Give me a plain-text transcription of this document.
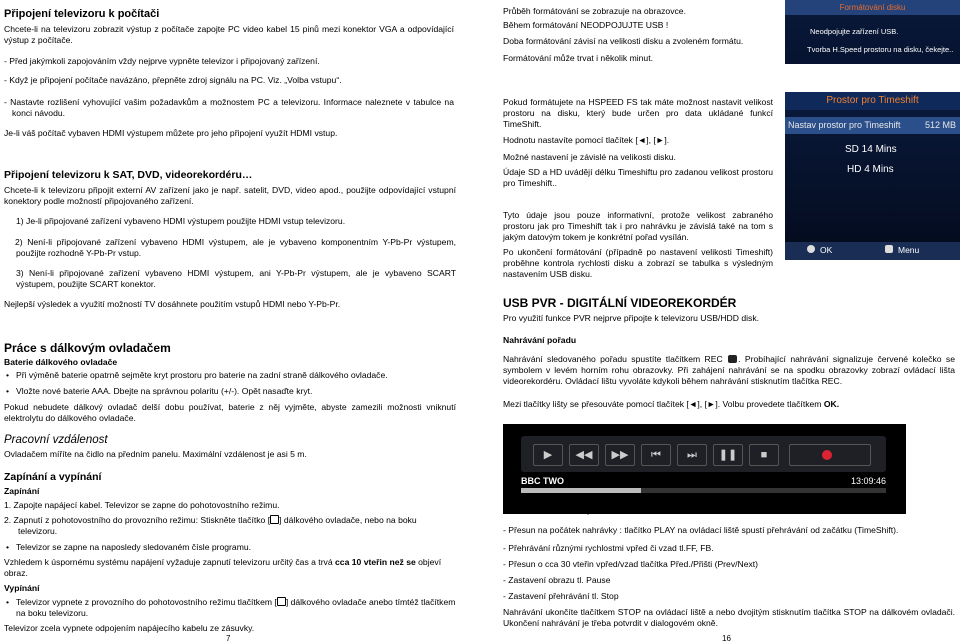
Připojení televizoru k počítači

Chcete-li na televizoru zobrazit výstup z počítače zapojte PC video kabel 15 pinů mezi konektor VGA a odpovídající výstup z počítače.

- Před jakýmkoli zapojováním vždy nejprve vypněte televizor i připojovaný zařízení.

- Když je připojení počítače navázáno, přepněte zdroj signálu na PC. Viz. „Volba vstupu“.

- Nastavte rozlišení vyhovující vašim požadavkům a možnostem PC a televizoru. Informace naleznete v tabulce na konci návodu.

Je-li váš počítač vybaven HDMI výstupem můžete pro jeho připojení využít HDMI vstup.

Připojení televizoru k SAT, DVD, videorekordéru…

Chcete-li k televizoru připojit externí AV zařízení jako je např. satelit, DVD, video apod., použijte odpovídající vstupní konektory podle možností připojovaného zařízení.

1) Je-li připojované zařízení vybaveno HDMI výstupem použijte HDMI vstup televizoru.

2) Není-li připojované zařízení vybaveno HDMI výstupem, ale je vybaveno komponentním Y-Pb-Pr výstupem, použijte rozhodně Y-Pb-Pr vstup.

3) Není-li připojované zařízení vybaveno HDMI výstupem, ani Y-Pb-Pr výstupem, ale je vybaveno SCART výstupem, použijte SCART konektor.

Nejlepší výsledek a využití možností TV dosáhnete použitím vstupů HDMI nebo Y-Pb-Pr.

Práce s dálkovým ovladačem

Baterie dálkového ovladače

• Při výměně baterie opatrně sejměte kryt prostoru pro baterie na zadní straně dálkového ovladače.
• Vložte nové baterie AAA. Dbejte na správnou polaritu (+/-). Opět nasaďte kryt.

Pokud nebudete dálkový ovladač delší dobu používat, baterie z něj vyjměte, abyste zamezili možnosti vniknutí elektrolytu do dálkového ovladače.

Pracovní vzdálenost

Ovladačem míříte na čidlo na předním panelu. Maximální vzdálenost je asi 5 m.

Zapínání a vypínání

Zapínání

1. Zapojte napájecí kabel. Televizor se zapne do pohotovostního režimu.

2. Zapnutí z pohotovostního do provozního režimu: Stiskněte tlačítko [ ] dálkového ovladače, nebo na boku televizoru.

• Televizor se zapne na naposledy sledovaném čísle programu.

Vzhledem k úspornému systému napájení vyžaduje zapnutí televizoru určitý čas a trvá cca 10 vteřin než se objeví obraz.

Vypínání

• Televizor vypnete z provozního do pohotovostního režimu tlačítkem [ ] dálkového ovladače anebo tímtéž tlačítkem na boku televizoru.

Televizor zcela vypnete odpojením napájecího kabelu ze zásuvky.

7

Průběh formátování se zobrazuje na obrazovce.

Během formátování NEODPOJUJTE USB !

Doba formátování závisí na velikosti disku a zvoleném formátu.

Formátování může trvat i několik minut.

Formátování disku
Neodpojujte zařízení USB.
Tvorba H.Speed prostoru na disku, čekejte..

Pokud formátujete na HSPEED FS tak máte možnost nastavit velikost prostoru na disku, který bude určen pro data ukládané funkcí TimeShift.

Hodnotu nastavíte pomocí tlačítek [◄], [►].

Možné nastavení je závislé na velikosti disku.

Údaje SD a HD uvádějí délku Timeshiftu pro zadanou velikost prostoru pro Timeshift..

Tyto údaje jsou pouze informativní, protože velikost zabraného prostoru jak pro Timeshift tak i pro nahrávku je závislá také na tom s jakým datovým tokem je konkrétní pořad vysílán.

Po ukončení formátování (případně po nastavení velikosti Timeshift) proběhne kontrola rychlosti disku a zobrazí se tabulka s výsledným nastavením USB disku.

Prostor pro Timeshift
Nastav prostor pro Timeshift	512 MB
SD 14 Mins
HD 4 Mins
OK	Menu
USB PVR - DIGITÁLNÍ VIDEOREKORDÉR

Pro využití funkce PVR nejprve připojte k televizoru USB/HDD disk.

Nahrávání pořadu

Nahrávání sledovaného pořadu spustíte tlačítkem REC . Probíhající nahrávání signalizuje červené kolečko se symbolem v levém horním rohu obrazovky. Při zahájení nahrávání se na spodku obrazovky zobrazí ovládací lišta videorekordéru. Ovládací lištu vyvoláte kdykoli během nahrávání stisknutím tlačítka REC.

Mezi tlačítky lišty se přesouváte pomocí tlačítek [◄], [►]. Volbu provedete tlačítkem OK.

▶	◀◀	▶▶	⏮	⏭	❚❚	■
BBC TWO	13:09:46

Ovládací lišta umožňuje během nahrávání :

- Přesun na počátek nahrávky : tlačítko PLAY na ovládací liště spustí přehrávání od začátku (TimeShift).

- Přehrávání různými rychlostmi vpřed či vzad tl.FF, FB.

- Přesun o cca 30 vteřin vpřed/vzad tlačítka Před./Přišti (Prev/Next)

- Zastavení obrazu tl. Pause

- Zastavení přehrávání tl. Stop

Nahrávání ukončíte tlačítkem STOP na ovládací liště a nebo dvojitým stisknutím tlačítka STOP na dálkovém ovladači. Ukončení nahrávání je třeba potvrdit v dialogovém okně.

16
